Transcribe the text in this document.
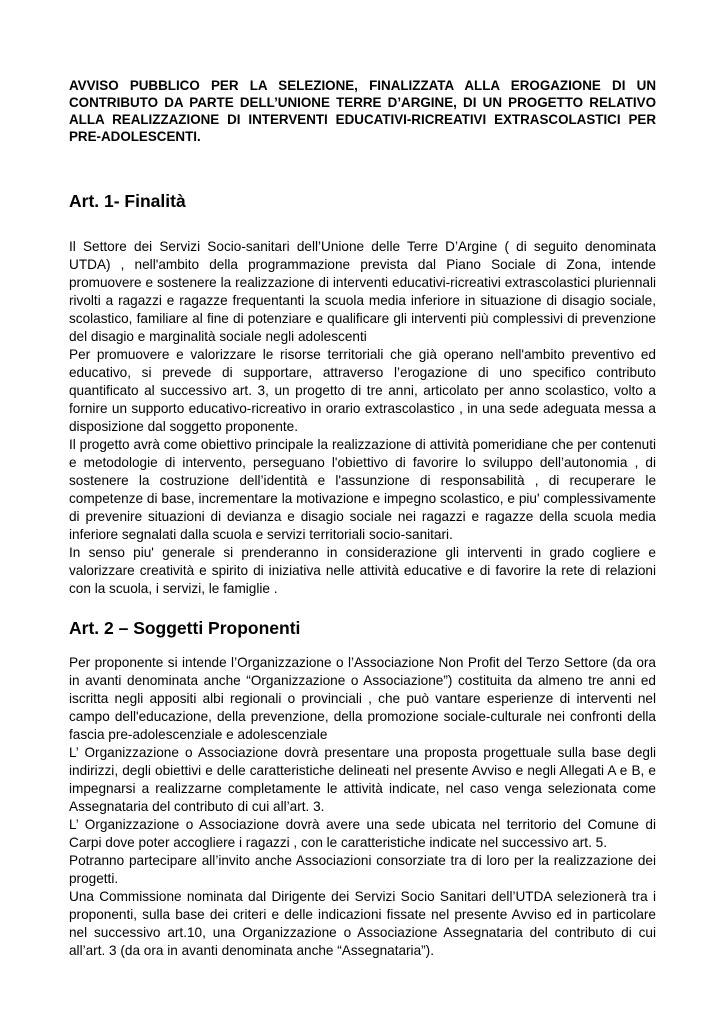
AVVISO PUBBLICO PER LA SELEZIONE, FINALIZZATA ALLA EROGAZIONE DI UN CONTRIBUTO DA PARTE DELL’UNIONE TERRE D’ARGINE, DI UN PROGETTO RELATIVO ALLA REALIZZAZIONE DI INTERVENTI EDUCATIVI-RICREATIVI EXTRASCOLASTICI PER PRE-ADOLESCENTI.

Art. 1- Finalità

Il Settore dei Servizi Socio-sanitari dell’Unione delle Terre D’Argine ( di seguito denominata UTDA) , nell'ambito della programmazione prevista dal Piano Sociale di Zona, intende promuovere e sostenere la realizzazione di interventi educativi-ricreativi extrascolastici pluriennali rivolti a ragazzi e ragazze frequentanti la scuola media inferiore in situazione di disagio sociale, scolastico, familiare al fine di potenziare e qualificare gli interventi più complessivi di prevenzione del disagio e marginalità sociale negli adolescenti

Per promuovere e valorizzare le risorse territoriali che già operano nell'ambito preventivo ed educativo, si prevede di supportare, attraverso l’erogazione di uno specifico contributo quantificato al successivo art. 3, un progetto di tre anni, articolato per anno scolastico, volto a fornire un supporto educativo-ricreativo in orario extrascolastico , in una sede adeguata messa a disposizione dal soggetto proponente.

Il progetto avrà come obiettivo principale la realizzazione di attività pomeridiane che per contenuti e metodologie di intervento, perseguano l'obiettivo di favorire lo sviluppo dell’autonomia , di sostenere la costruzione dell’identità e l'assunzione di responsabilità , di recuperare le competenze di base, incrementare la motivazione e impegno scolastico, e piu' complessivamente di prevenire situazioni di devianza e disagio sociale nei ragazzi e ragazze della scuola media inferiore segnalati dalla scuola e servizi territoriali socio-sanitari.

In senso piu' generale si prenderanno in considerazione gli interventi in grado cogliere e valorizzare creatività e spirito di iniziativa nelle attività educative e di favorire la rete di relazioni con la scuola, i servizi, le famiglie .

Art. 2 – Soggetti Proponenti

Per proponente si intende l’Organizzazione o l’Associazione Non Profit del Terzo Settore (da ora in avanti denominata anche “Organizzazione o Associazione”) costituita da almeno tre anni ed iscritta negli appositi albi regionali o provinciali , che può vantare esperienze di interventi nel campo dell'educazione, della prevenzione, della promozione sociale-culturale nei confronti della fascia pre-adolescenziale e adolescenziale

L’ Organizzazione o Associazione dovrà presentare una proposta progettuale sulla base degli indirizzi, degli obiettivi e delle caratteristiche delineati nel presente Avviso e negli Allegati A e B, e impegnarsi a realizzarne completamente le attività indicate, nel caso venga selezionata come Assegnataria del contributo di cui all’art. 3.

L’ Organizzazione o Associazione dovrà avere una sede ubicata nel territorio del Comune di Carpi dove poter accogliere i ragazzi , con le caratteristiche indicate nel successivo art. 5.

Potranno partecipare all’invito anche Associazioni consorziate tra di loro per la realizzazione dei progetti.

Una Commissione nominata dal Dirigente dei Servizi Socio Sanitari dell’UTDA selezionerà tra i proponenti, sulla base dei criteri e delle indicazioni fissate nel presente Avviso ed in particolare nel successivo art.10, una Organizzazione o Associazione Assegnataria del contributo di cui all’art. 3 (da ora in avanti denominata anche “Assegnataria”).
